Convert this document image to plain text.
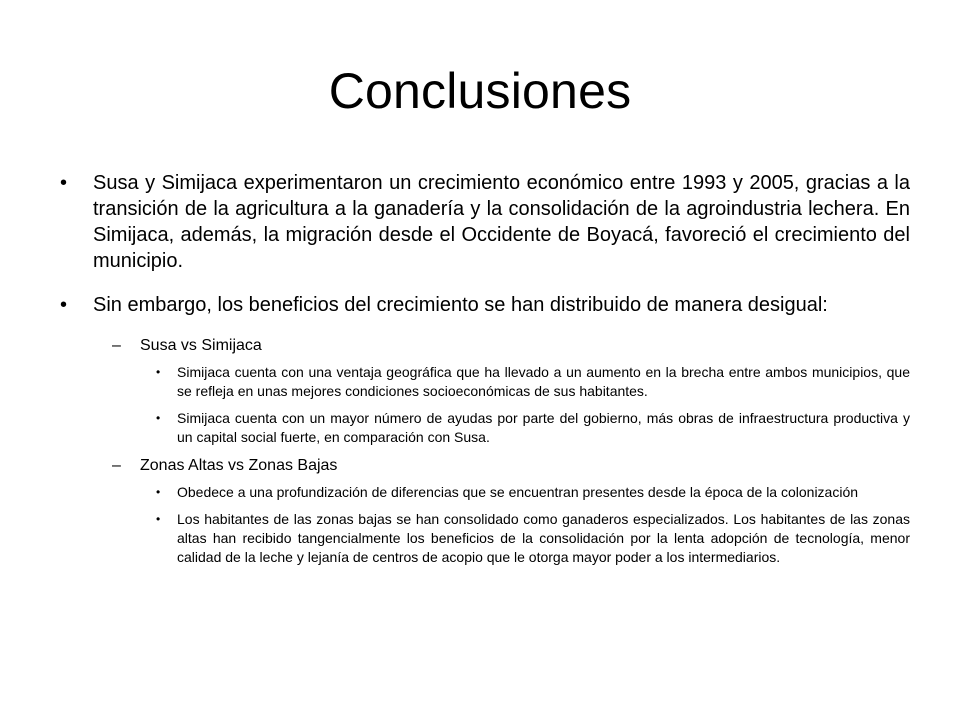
Conclusiones
•	Susa y Simijaca experimentaron un crecimiento económico entre 1993 y 2005, gracias a la transición de la agricultura a la ganadería y la consolidación de la agroindustria lechera. En Simijaca, además, la migración desde el Occidente de Boyacá, favoreció el crecimiento del municipio.
•	Sin embargo, los beneficios del crecimiento se han distribuido de manera desigual:
– Susa vs Simijaca
• Simijaca cuenta con una ventaja geográfica que ha llevado a un aumento en la brecha entre ambos municipios, que se refleja en unas mejores condiciones socioeconómicas de sus habitantes.
• Simijaca cuenta con un mayor número de ayudas por parte del gobierno, más obras de infraestructura productiva y un capital social fuerte, en comparación con Susa.
– Zonas Altas vs Zonas Bajas
• Obedece a una profundización de diferencias que se encuentran presentes desde la época de la colonización
• Los habitantes de las zonas bajas se han consolidado como ganaderos especializados. Los habitantes de las zonas altas han recibido tangencialmente los beneficios de la consolidación por la lenta adopción de tecnología, menor calidad de la leche y lejanía de centros de acopio que le otorga mayor poder a los intermediarios.
